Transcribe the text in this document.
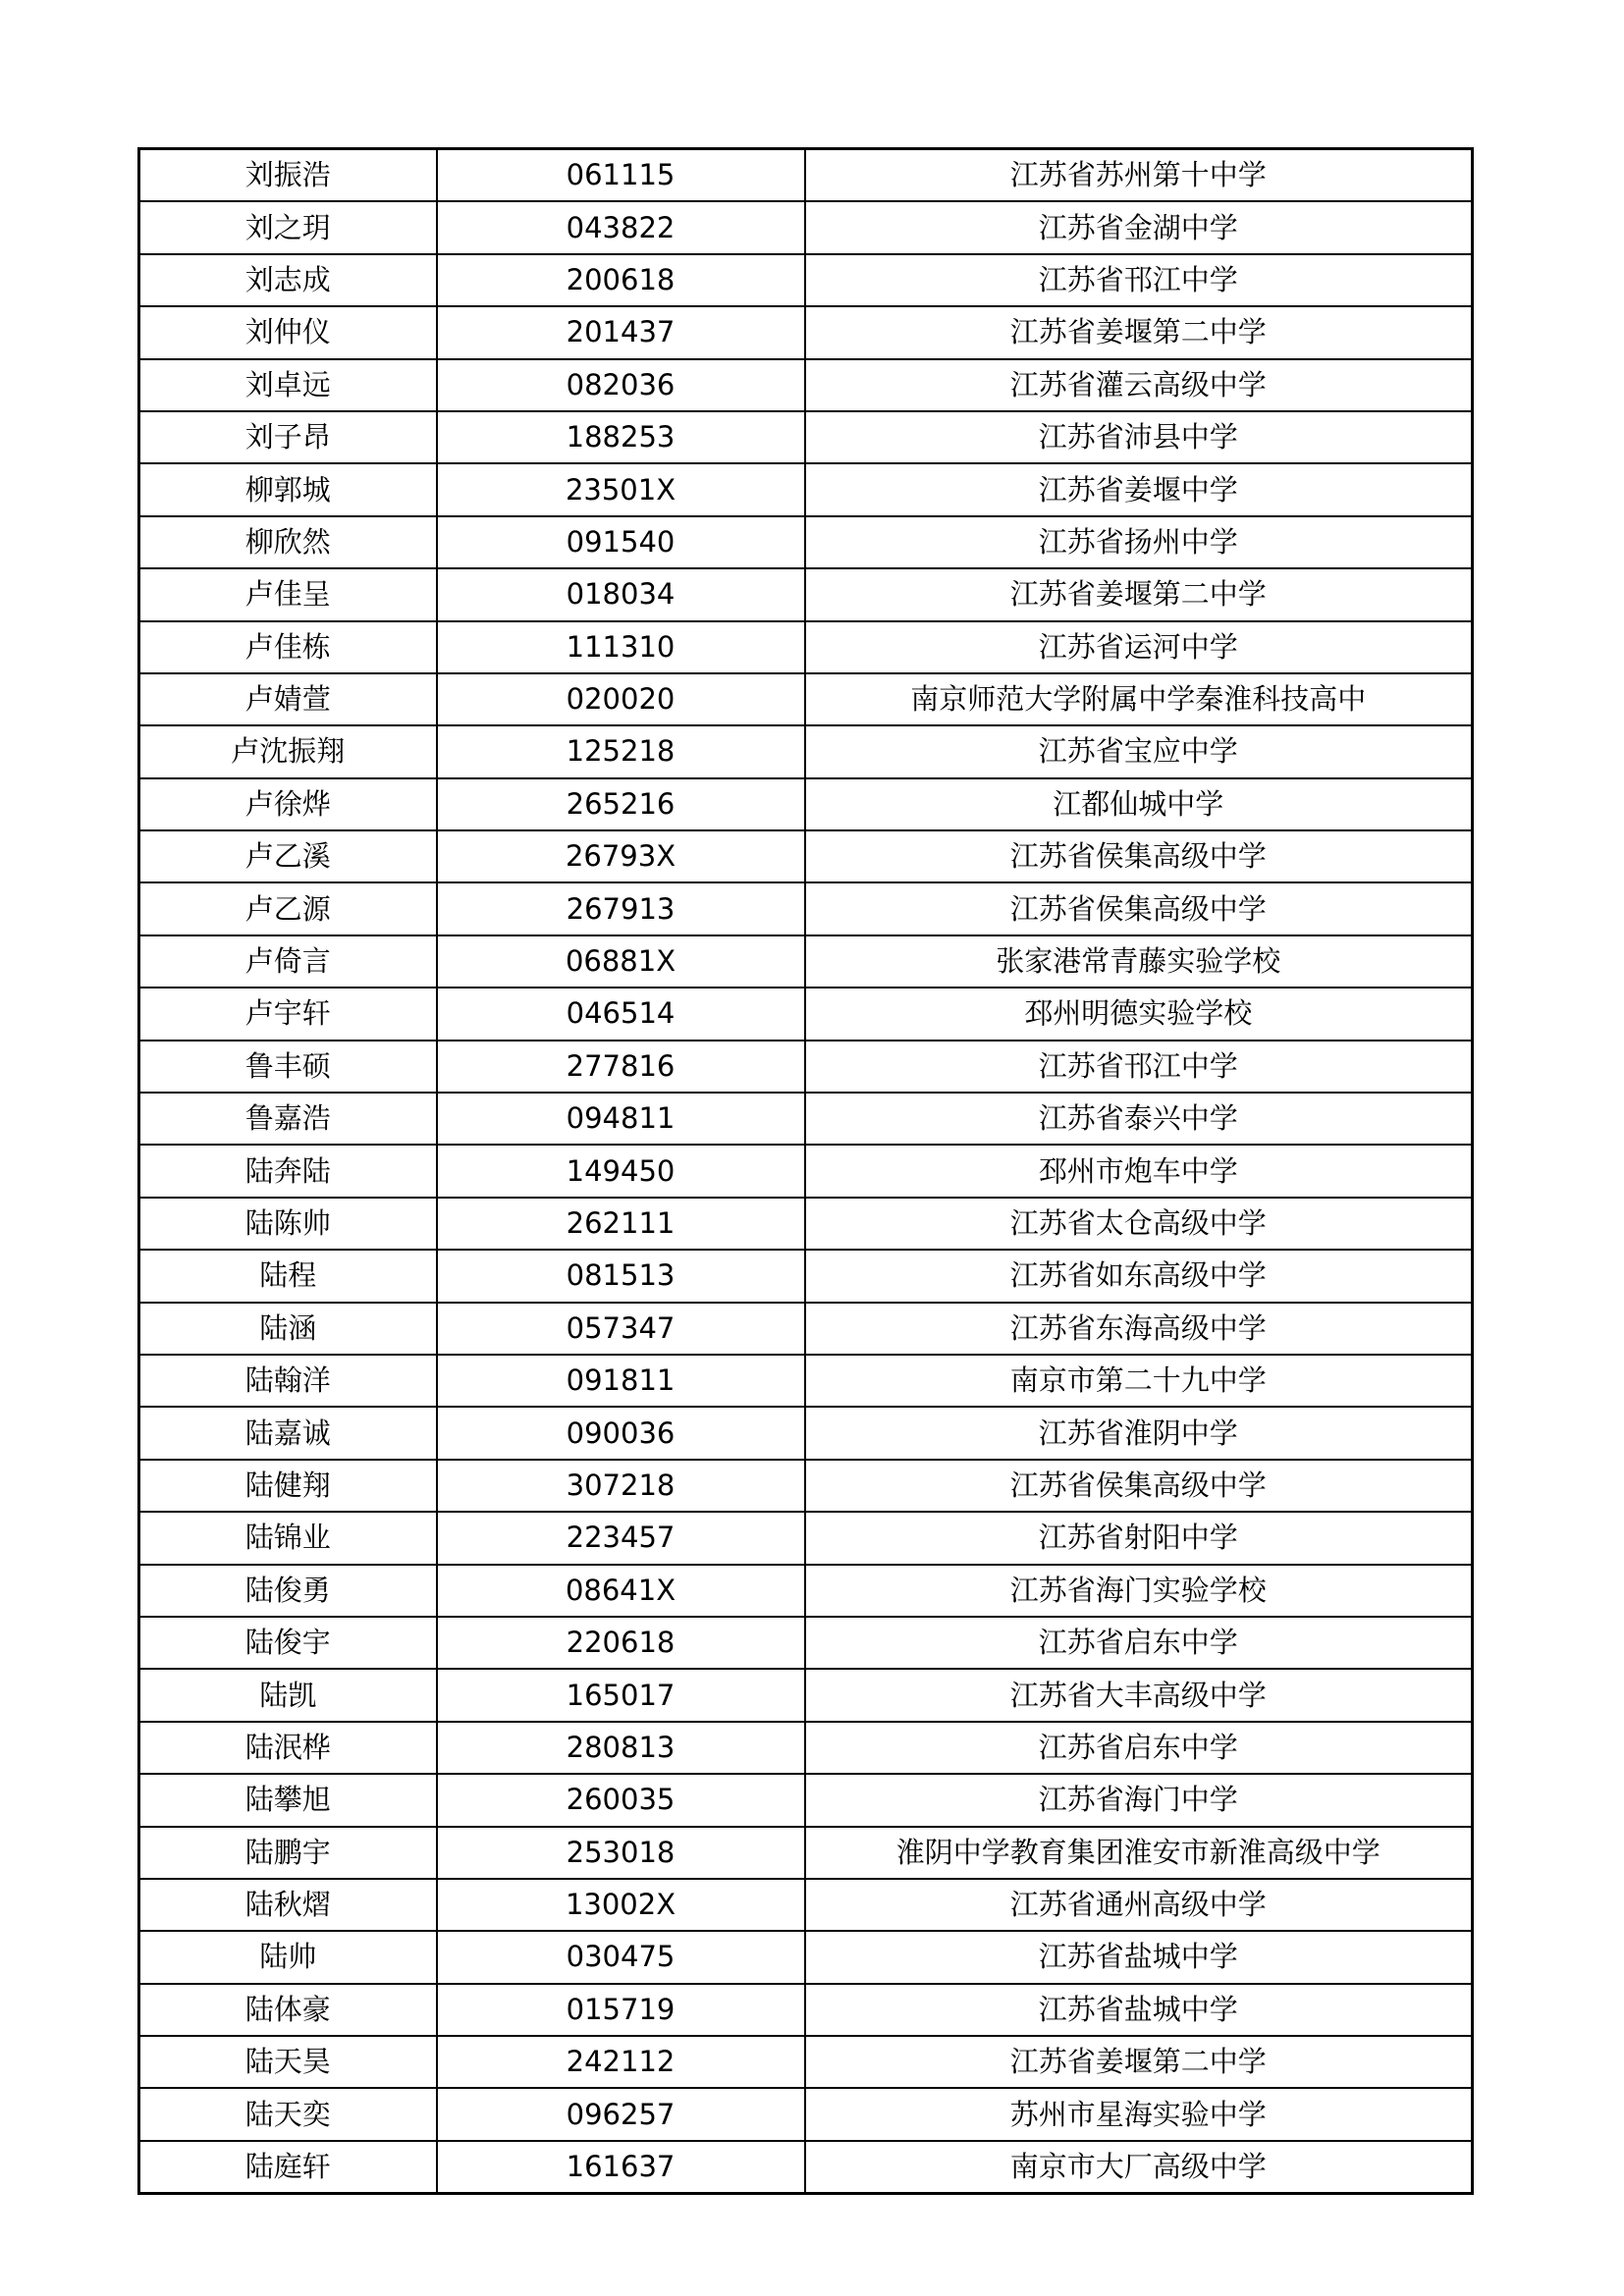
刘振浩	061115	江苏省苏州第十中学
刘之玥	043822	江苏省金湖中学
刘志成	200618	江苏省邗江中学
刘仲仪	201437	江苏省姜堰第二中学
刘卓远	082036	江苏省灌云高级中学
刘子昂	188253	江苏省沛县中学
柳郭城	23501X	江苏省姜堰中学
柳欣然	091540	江苏省扬州中学
卢佳呈	018034	江苏省姜堰第二中学
卢佳栋	111310	江苏省运河中学
卢婧萱	020020	南京师范大学附属中学秦淮科技高中
卢沈振翔	125218	江苏省宝应中学
卢徐烨	265216	江都仙城中学
卢乙溪	26793X	江苏省侯集高级中学
卢乙源	267913	江苏省侯集高级中学
卢倚言	06881X	张家港常青藤实验学校
卢宇轩	046514	邳州明德实验学校
鲁丰硕	277816	江苏省邗江中学
鲁嘉浩	094811	江苏省泰兴中学
陆奔陆	149450	邳州市炮车中学
陆陈帅	262111	江苏省太仓高级中学
陆程	081513	江苏省如东高级中学
陆涵	057347	江苏省东海高级中学
陆翰洋	091811	南京市第二十九中学
陆嘉诚	090036	江苏省淮阴中学
陆健翔	307218	江苏省侯集高级中学
陆锦业	223457	江苏省射阳中学
陆俊勇	08641X	江苏省海门实验学校
陆俊宇	220618	江苏省启东中学
陆凯	165017	江苏省大丰高级中学
陆泯桦	280813	江苏省启东中学
陆攀旭	260035	江苏省海门中学
陆鹏宇	253018	淮阴中学教育集团淮安市新淮高级中学
陆秋熠	13002X	江苏省通州高级中学
陆帅	030475	江苏省盐城中学
陆体豪	015719	江苏省盐城中学
陆天昊	242112	江苏省姜堰第二中学
陆天奕	096257	苏州市星海实验中学
陆庭轩	161637	南京市大厂高级中学
